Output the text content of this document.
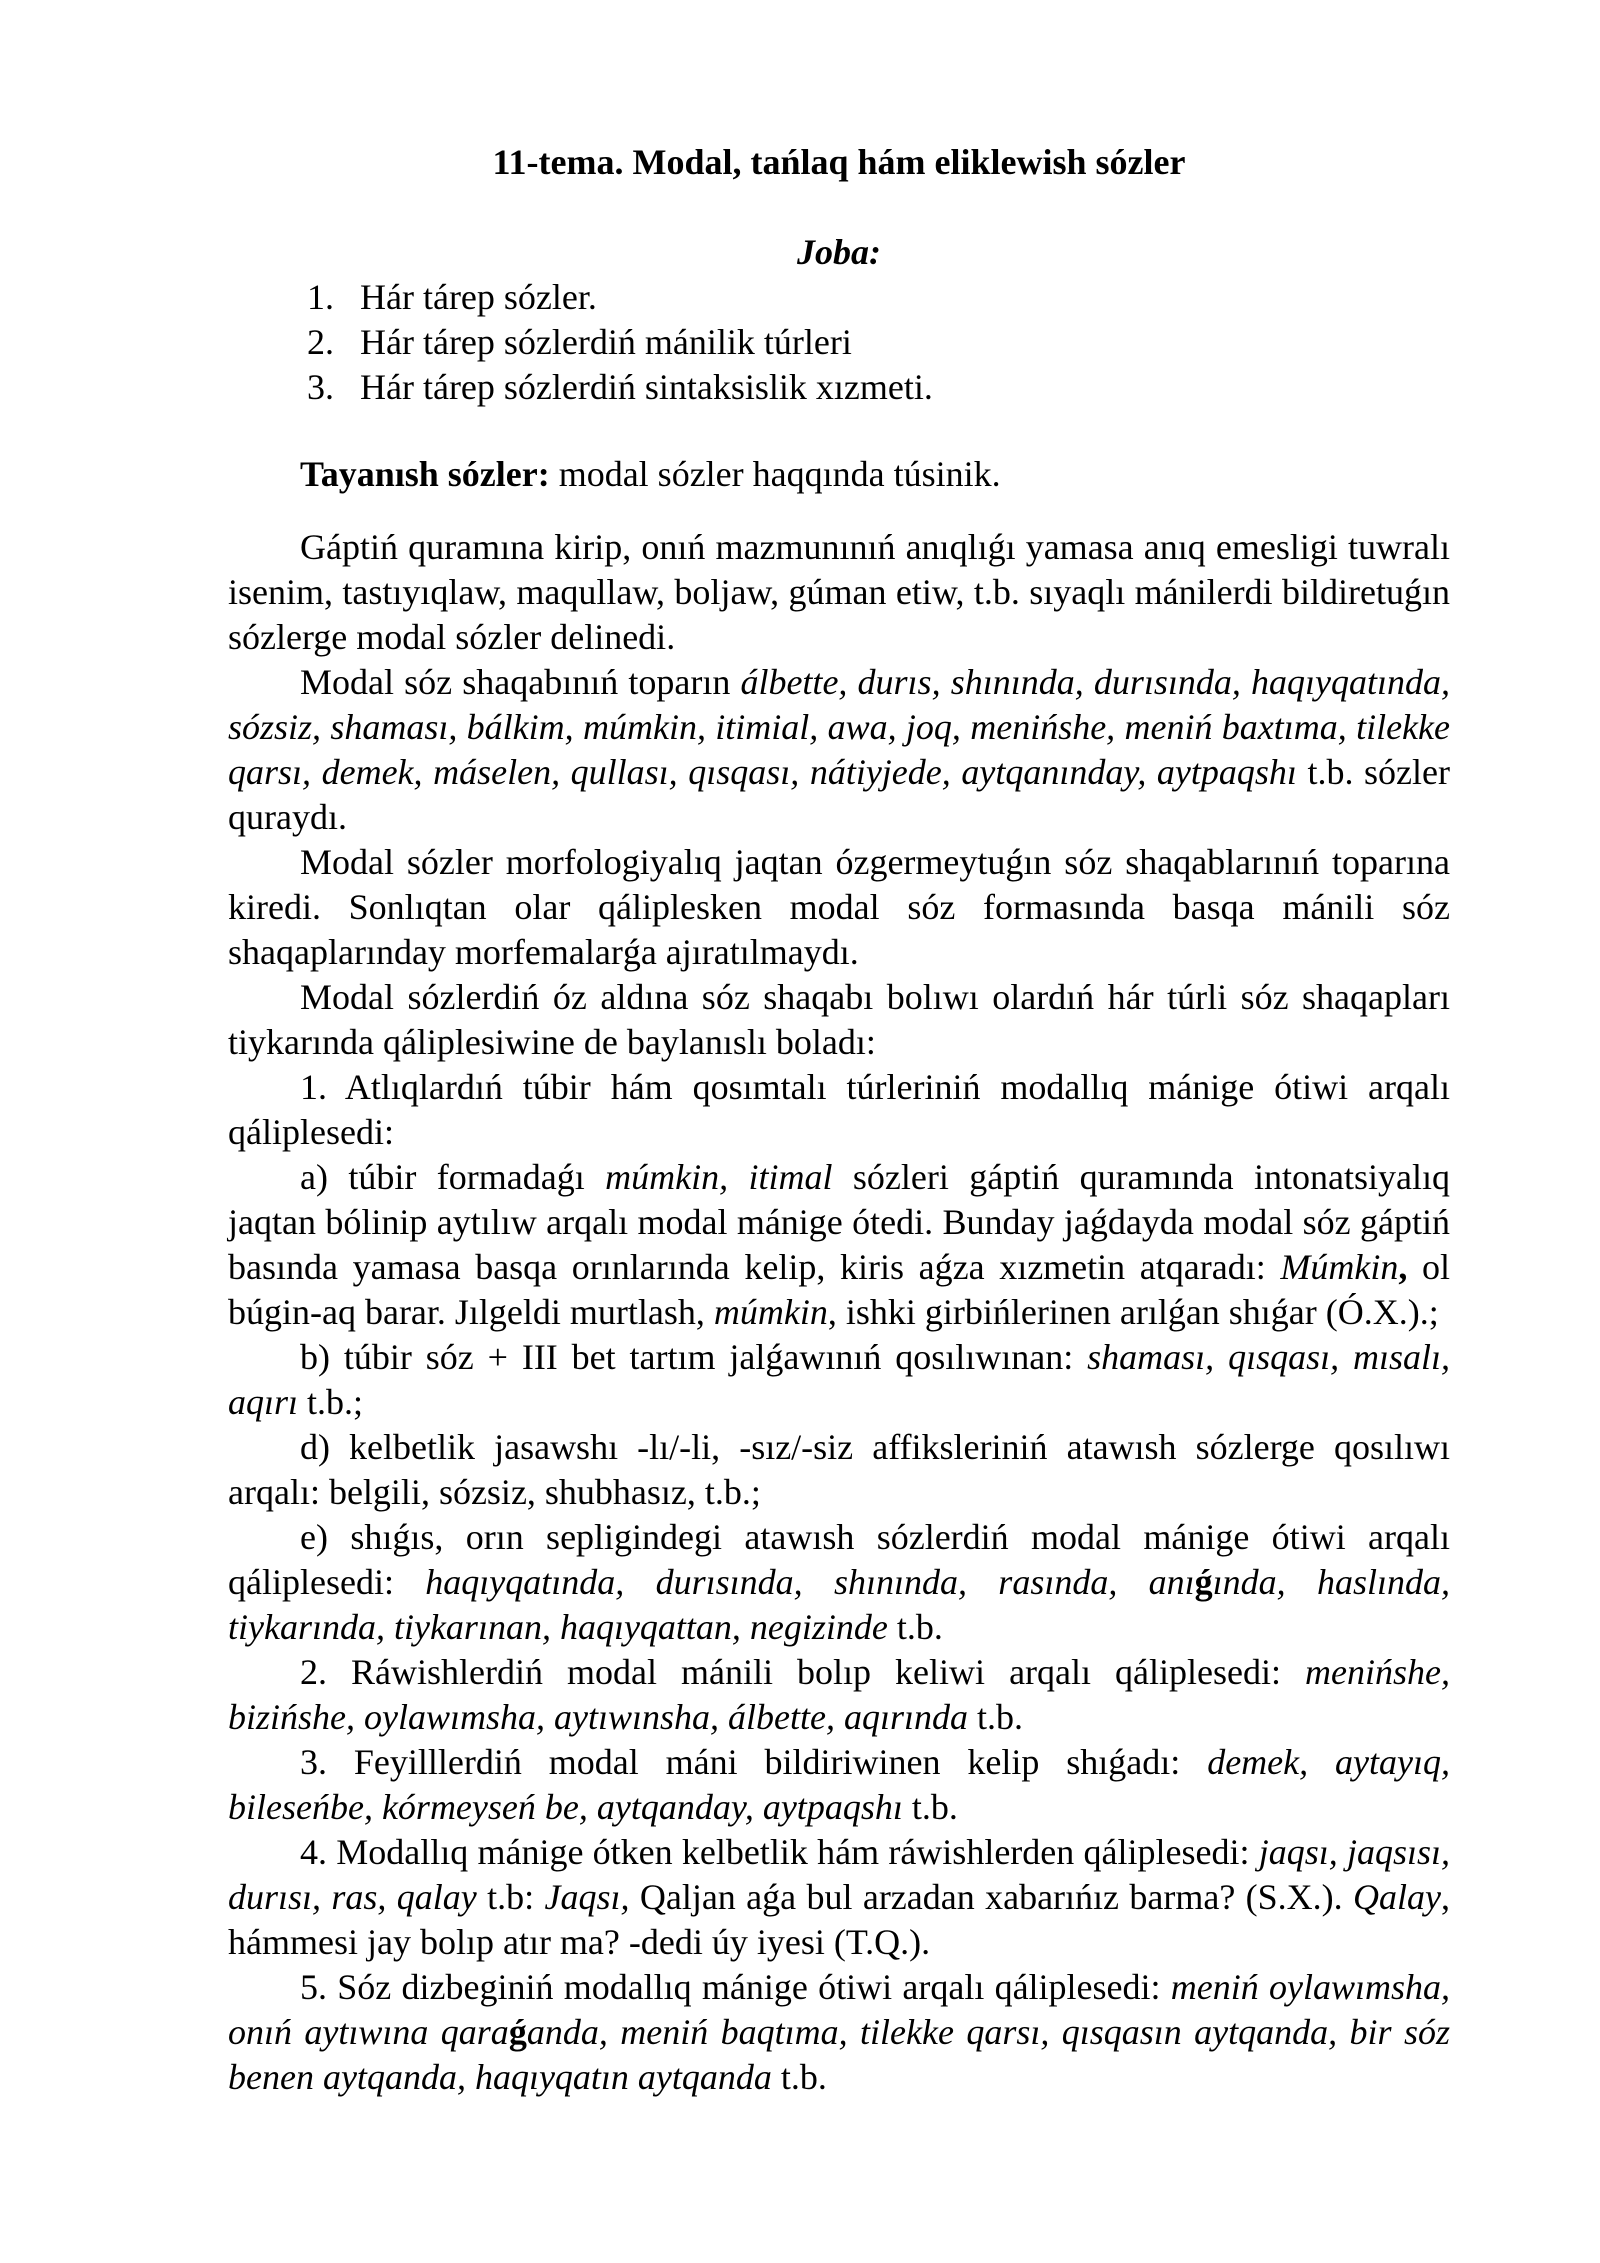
11-tema. Modal, tańlaq hám eliklewish sózler

Joba:

1. Hár tárep sózler.
2. Hár tárep sózlerdiń mánilik túrleri
3. Hár tárep sózlerdiń sintaksislik xızmeti.

Tayanısh sózler: modal sózler haqqında túsinik.

Gáptiń quramına kirip, onıń mazmunınıń anıqlıǵı yamasa anıq emesligi tuwralı isenim, tastıyıqlaw, maqullaw, boljaw, gúman etiw, t.b. sıyaqlı mánilerdi bildiretuǵın sózlerge modal sózler delinedi.

Modal sóz shaqabınıń toparın álbette, durıs, shınında, durısında, haqıyqatında, sózsiz, shaması, bálkim, múmkin, itimial, awa, joq, menińshe, meniń baxtıma, tilekke qarsı, demek, máselen, qullası, qısqası, nátiyjede, aytqanınday, aytpaqshı t.b. sózler quraydı.

Modal sózler morfologiyalıq jaqtan ózgermeytuǵın sóz shaqablarınıń toparına kiredi. Sonlıqtan olar qáliplesken modal sóz formasında basqa mánili sóz shaqaplarınday morfemalarǵa ajıratılmaydı.

Modal sózlerdiń óz aldına sóz shaqabı bolıwı olardıń hár túrli sóz shaqapları tiykarında qáliplesiwine de baylanıslı boladı:

1. Atlıqlardıń túbir hám qosımtalı túrleriniń modallıq mánige ótiwi arqalı qáliplesedi:

a) túbir formadaǵı múmkin, itimal sózleri gáptiń quramında intonatsiyalıq jaqtan bólinip aytılıw arqalı modal mánige ótedi. Bunday jaǵdayda modal sóz gáptiń basında yamasa basqa orınlarında kelip, kiris aǵza xızmetin atqaradı: Múmkin, ol búgin-aq barar. Jılgeldi murtlash, múmkin, ishki girbińlerinen arılǵan shıǵar (Ó.X.).;

b) túbir sóz + III bet tartım jalǵawınıń qosılıwınan: shaması, qısqası, mısalı, aqırı t.b.;

d) kelbetlik jasawshı -lı/-li, -sız/-siz affiksleriniń atawısh sózlerge qosılıwı arqalı: belgili, sózsiz, shubhasız, t.b.;

e) shıǵıs, orın sepligindegi atawısh sózlerdiń modal mánige ótiwi arqalı qáliplesedi: haqıyqatında, durısında, shınında, rasında, anıǵında, haslında, tiykarında, tiykarınan, haqıyqattan, negizinde t.b.

2. Ráwishlerdiń modal mánili bolıp keliwi arqalı qáliplesedi: menińshe, bizińshe, oylawımsha, aytıwınsha, álbette, aqırında t.b.

3. Feyilllerdiń modal máni bildiriwinen kelip shıǵadı: demek, aytayıq, bileseńbe, kórmeyseń be, aytqanday, aytpaqshı t.b.

4. Modallıq mánige ótken kelbetlik hám ráwishlerden qáliplesedi: jaqsı, jaqsısı, durısı, ras, qalay t.b: Jaqsı, Qaljan aǵa bul arzadan xabarıńız barma? (S.X.). Qalay, hámmesi jay bolıp atır ma? -dedi úy iyesi (T.Q.).

5. Sóz dizbeginiń modallıq mánige ótiwi arqalı qáliplesedi: meniń oylawımsha, onıń aytıwına qaraǵanda, meniń baqtıma, tilekke qarsı, qısqasın aytqanda, bir sóz benen aytqanda, haqıyqatın aytqanda t.b.
